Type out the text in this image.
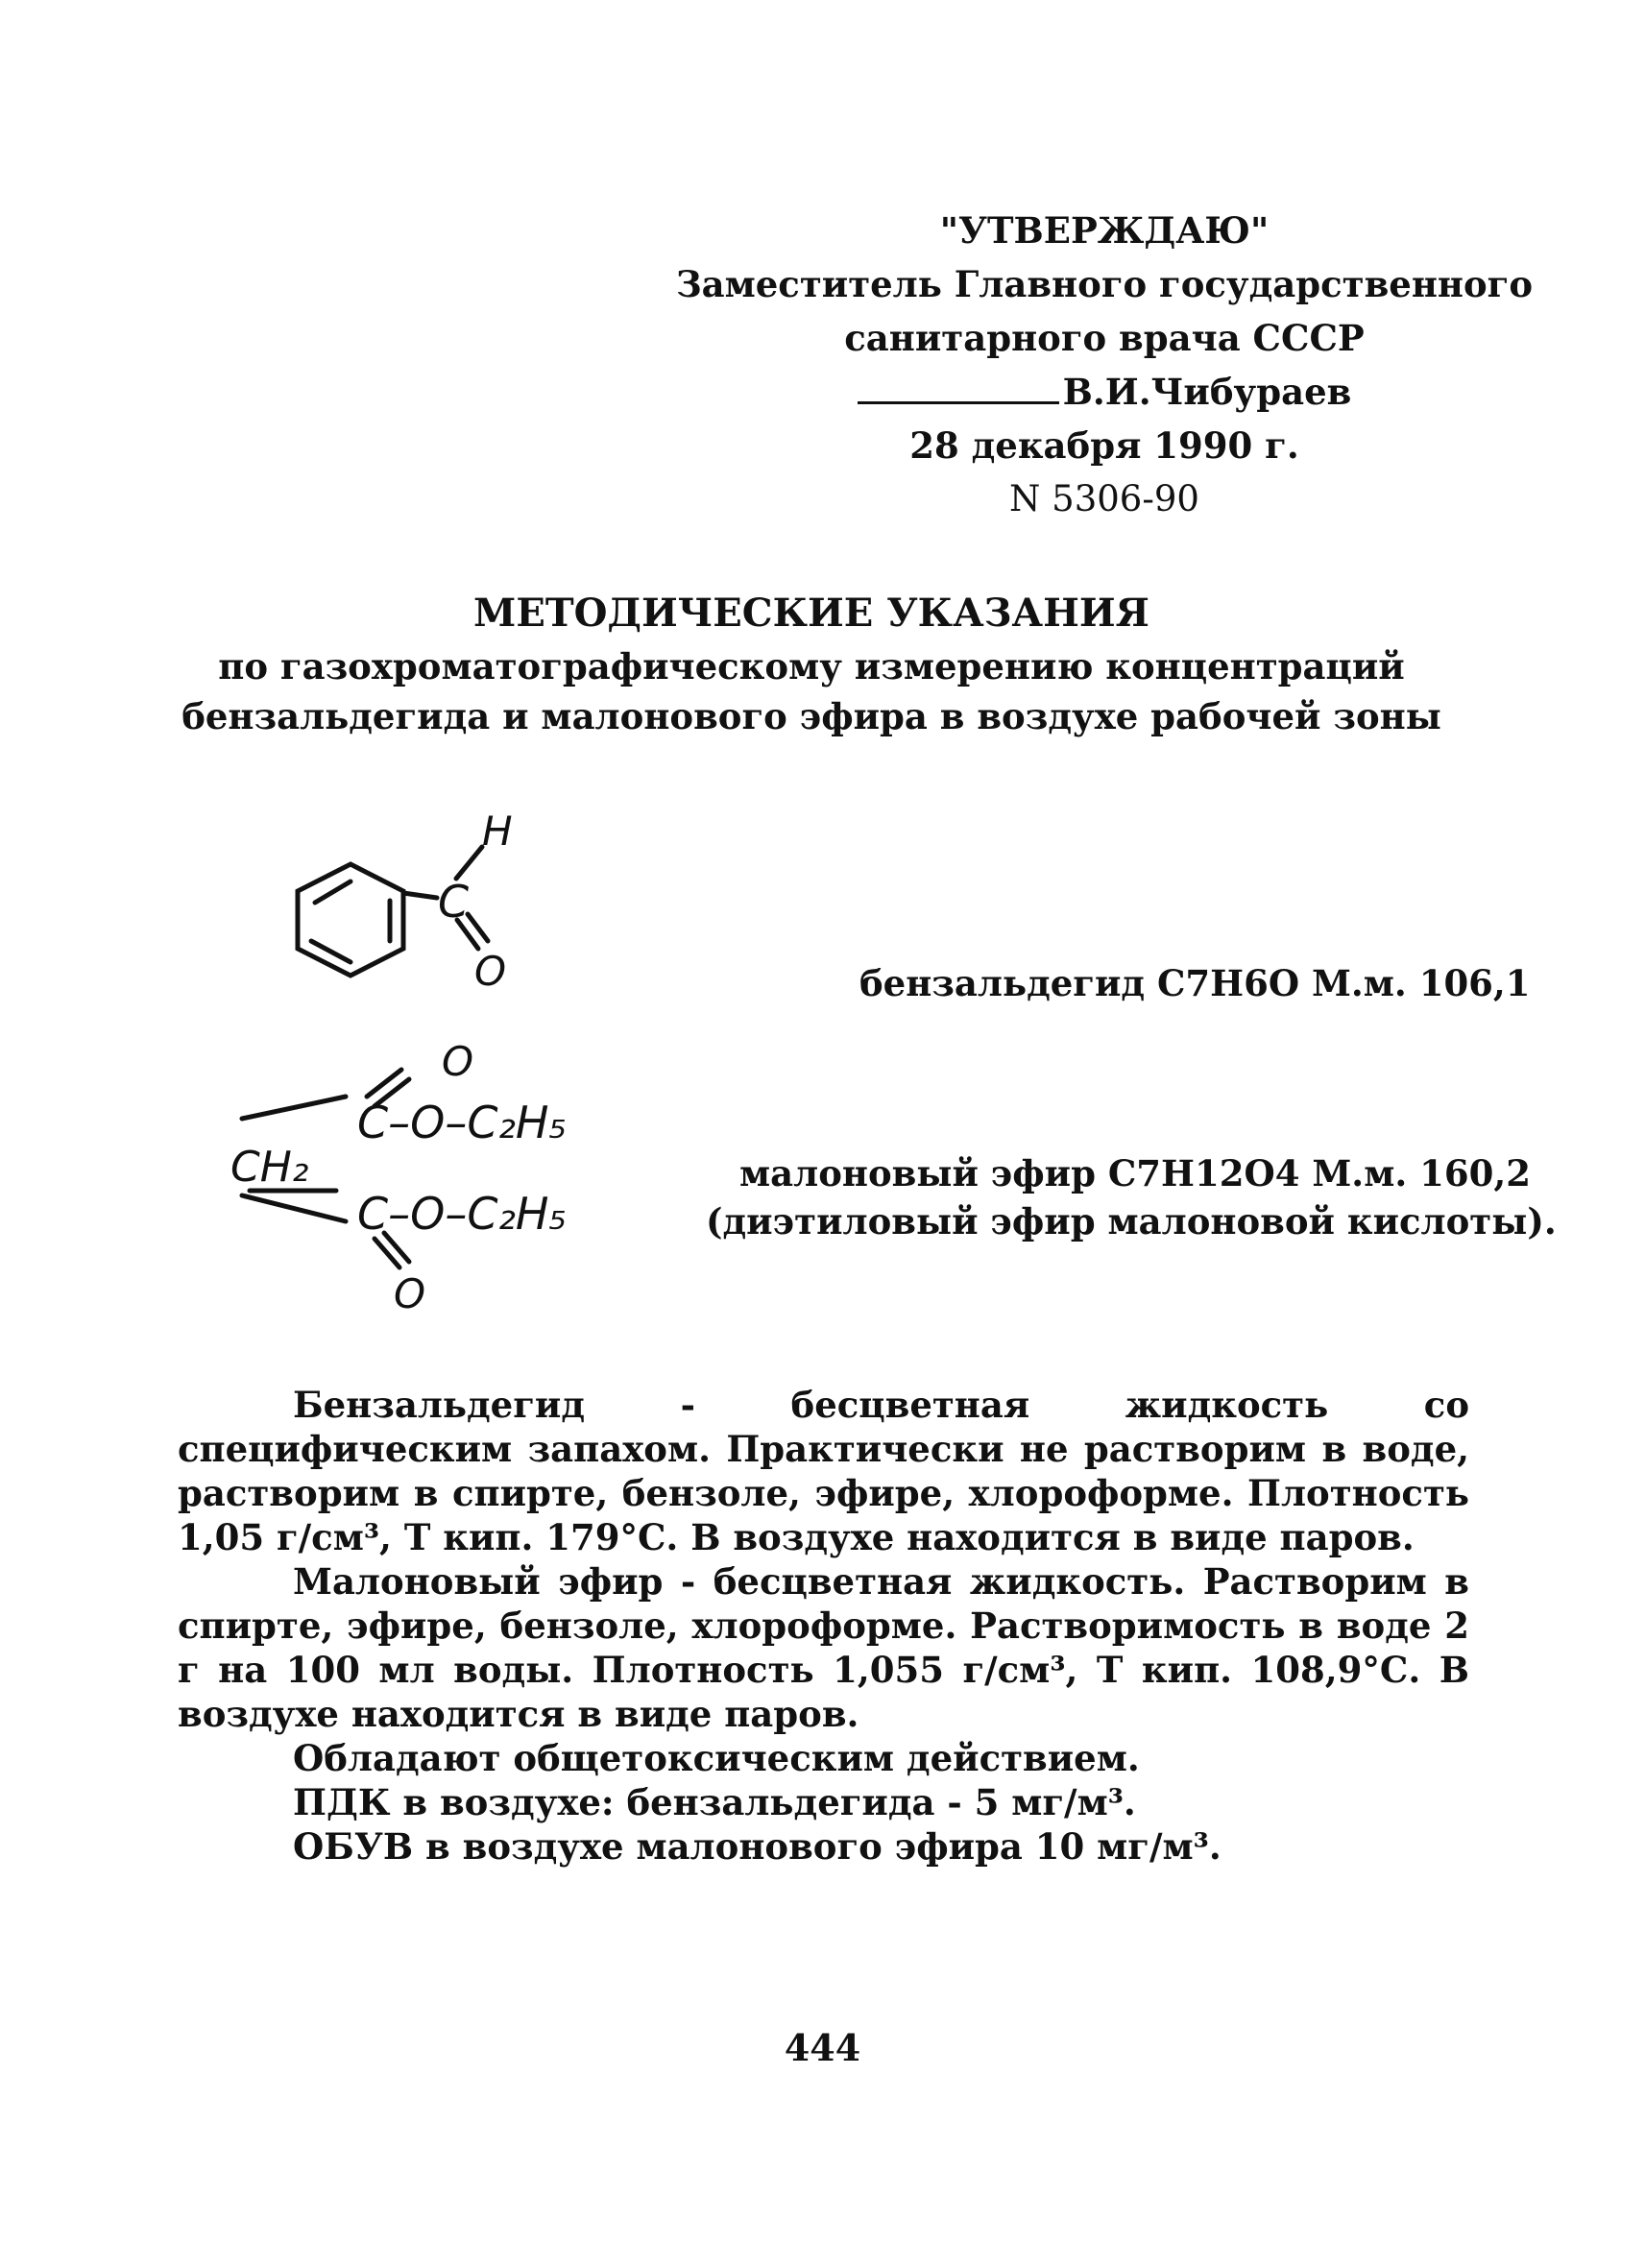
"УТВЕРЖДАЮ"
Заместитель Главного государственного
санитарного врача СССР
В.И.Чибураев
28 декабря 1990 г.
N 5306-90
МЕТОДИЧЕСКИЕ УКАЗАНИЯ
по газохроматографическому измерению концентраций
бензальдегида и малонового эфира в воздухе рабочей зоны
C
O
H
бензальдегид C7H6O М.м. 106,1
O
C–O–C₂H₅
CH₂
C–O–C₂H₅
O
малоновый эфир C7H12O4 М.м. 160,2
(диэтиловый эфир малоновой кислоты).

Бензальдегид - бесцветная жидкость со специфическим запахом. Практически не растворим в воде, растворим в спирте, бензоле, эфире, хлороформе. Плотность 1,05 г/см³, Т кип. 179°С. В воздухе находится в виде паров.

Малоновый эфир - бесцветная жидкость. Растворим в спирте, эфире, бензоле, хлороформе. Растворимость в воде 2 г на 100 мл воды. Плотность 1,055 г/см³, Т кип. 108,9°С. В воздухе находится в виде паров.

Обладают общетоксическим действием.

ПДК в воздухе: бензальдегида - 5 мг/м³.

ОБУВ в воздухе малонового эфира 10 мг/м³.

444
